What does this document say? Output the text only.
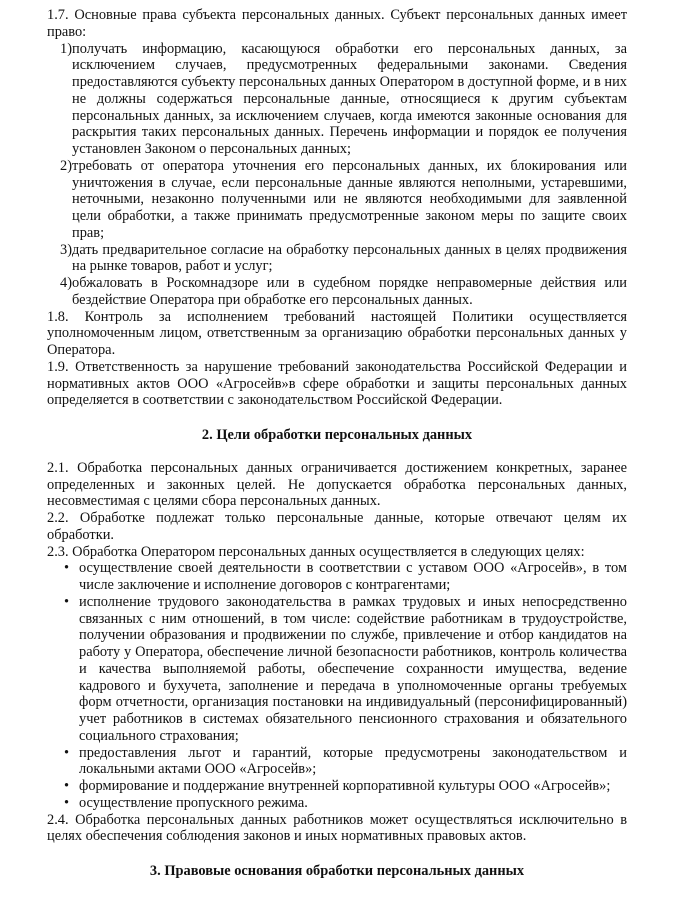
1.7. Основные права субъекта персональных данных. Субъект персональных данных имеет право:

1) получать информацию, касающуюся обработки его персональных данных, за исключением случаев, предусмотренных федеральными законами. Сведения предоставляются субъекту персональных данных Оператором в доступной форме, и в них не должны содержаться персональные данные, относящиеся к другим субъектам персональных данных, за исключением случаев, когда имеются законные основания для раскрытия таких персональных данных. Перечень информации и порядок ее получения установлен Законом о персональных данных;
2) требовать от оператора уточнения его персональных данных, их блокирования или уничтожения в случае, если персональные данные являются неполными, устаревшими, неточными, незаконно полученными или не являются необходимыми для заявленной цели обработки, а также принимать предусмотренные законом меры по защите своих прав;
3) дать предварительное согласие на обработку персональных данных в целях продвижения на рынке товаров, работ и услуг;
4) обжаловать в Роскомнадзоре или в судебном порядке неправомерные действия или бездействие Оператора при обработке его персональных данных.

1.8. Контроль за исполнением требований настоящей Политики осуществляется уполномоченным лицом, ответственным за организацию обработки персональных данных у Оператора.

1.9. Ответственность за нарушение требований законодательства Российской Федерации и нормативных актов ООО «Агросейв»в сфере обработки и защиты персональных данных определяется в соответствии с законодательством Российской Федерации.

2. Цели обработки персональных данных

2.1. Обработка персональных данных ограничивается достижением конкретных, заранее определенных и законных целей. Не допускается обработка персональных данных, несовместимая с целями сбора персональных данных.

2.2. Обработке подлежат только персональные данные, которые отвечают целям их обработки.

2.3. Обработка Оператором персональных данных осуществляется в следующих целях:

• осуществление своей деятельности в соответствии с уставом ООО «Агросейв», в том числе заключение и исполнение договоров с контрагентами;
• исполнение трудового законодательства в рамках трудовых и иных непосредственно связанных с ним отношений, в том числе: содействие работникам в трудоустройстве, получении образования и продвижении по службе, привлечение и отбор кандидатов на работу у Оператора, обеспечение личной безопасности работников, контроль количества и качества выполняемой работы, обеспечение сохранности имущества, ведение кадрового и бухучета, заполнение и передача в уполномоченные органы требуемых форм отчетности, организация постановки на индивидуальный (персонифицированный) учет работников в системах обязательного пенсионного страхования и обязательного социального страхования;
• предоставления льгот и гарантий, которые предусмотрены законодательством и локальными актами ООО «Агросейв»;
• формирование и поддержание внутренней корпоративной культуры ООО «Агросейв»;
• осуществление пропускного режима.

2.4. Обработка персональных данных работников может осуществляться исключительно в целях обеспечения соблюдения законов и иных нормативных правовых актов.

3. Правовые основания обработки персональных данных
